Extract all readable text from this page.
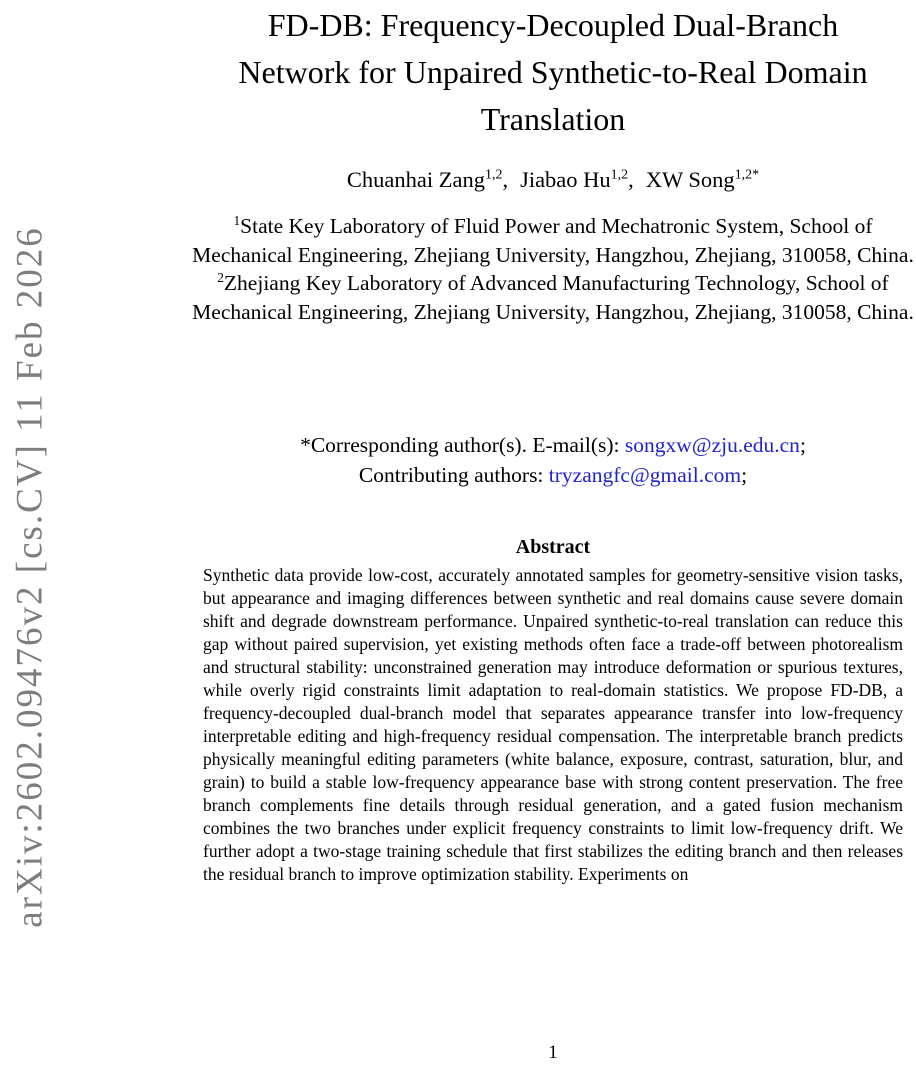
arXiv:2602.09476v2 [cs.CV] 11 Feb 2026
FD-DB: Frequency-Decoupled Dual-Branch
Network for Unpaired Synthetic-to-Real Domain
Translation
Chuanhai Zang$^{1,2}$, Jiabao Hu$^{1,2}$, XW Song$^{1,2*}$
$^1$State Key Laboratory of Fluid Power and Mechatronic System, School of Mechanical Engineering, Zhejiang University, Hangzhou, Zhejiang, 310058, China.
$^2$Zhejiang Key Laboratory of Advanced Manufacturing Technology, School of Mechanical Engineering, Zhejiang University, Hangzhou, Zhejiang, 310058, China.
*Corresponding author(s). E-mail(s): songxw@zju.edu.cn;
Contributing authors: tryzangfc@gmail.com;
Abstract
Synthetic data provide low-cost, accurately annotated samples for geometry-sensitive vision tasks, but appearance and imaging differences between synthetic and real domains cause severe domain shift and degrade downstream performance. Unpaired synthetic-to-real translation can reduce this gap without paired supervision, yet existing methods often face a trade-off between photorealism and structural stability: unconstrained generation may introduce deformation or spurious textures, while overly rigid constraints limit adaptation to real-domain statistics. We propose FD-DB, a frequency-decoupled dual-branch model that separates appearance transfer into low-frequency interpretable editing and high-frequency residual compensation. The interpretable branch predicts physically meaningful editing parameters (white balance, exposure, contrast, saturation, blur, and grain) to build a stable low-frequency appearance base with strong content preservation. The free branch complements fine details through residual generation, and a gated fusion mechanism combines the two branches under explicit frequency constraints to limit low-frequency drift. We further adopt a two-stage training schedule that first stabilizes the editing branch and then releases the residual branch to improve optimization stability. Experiments on
1
